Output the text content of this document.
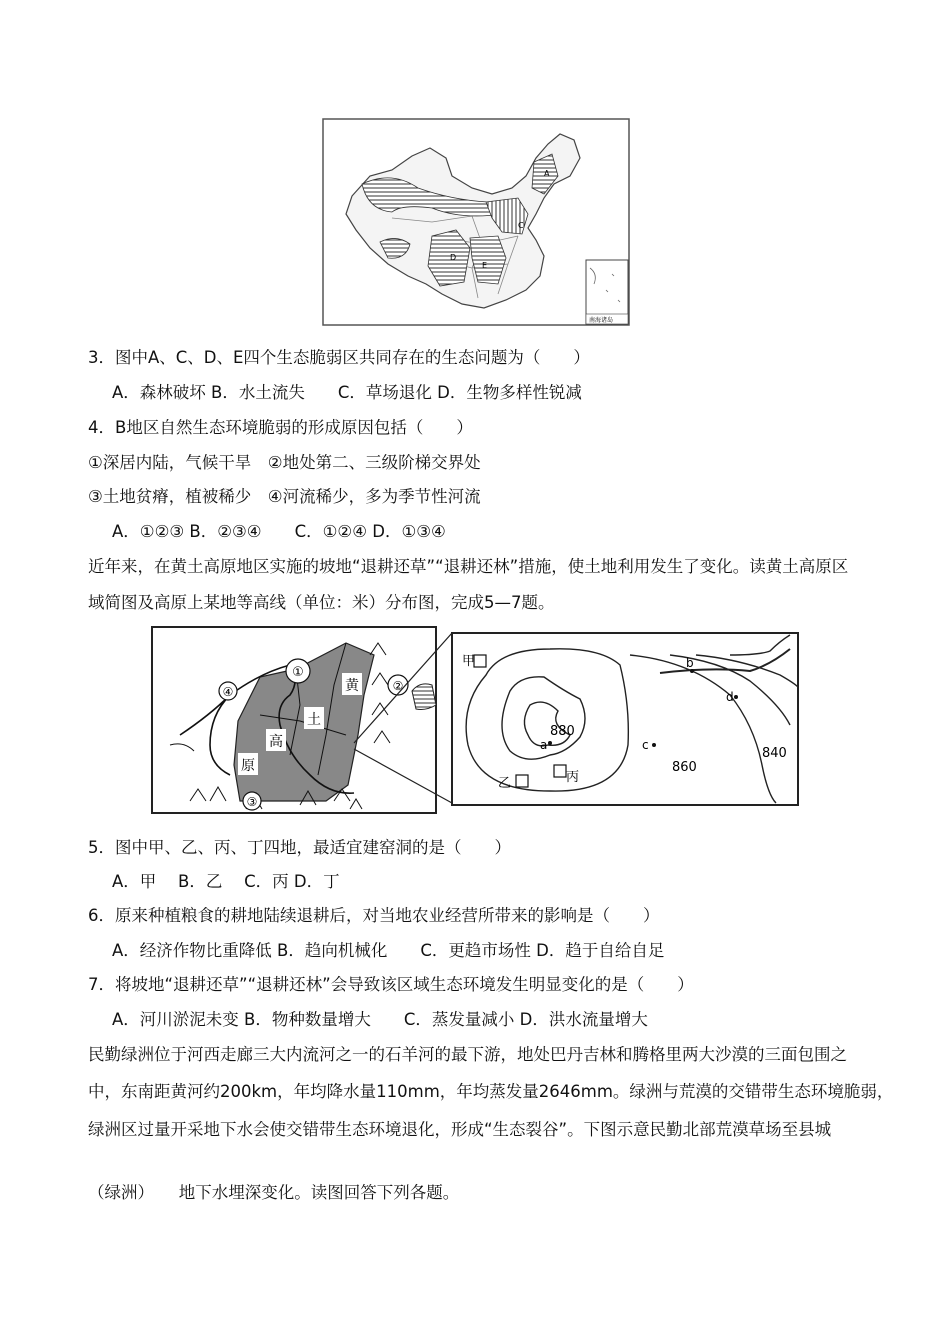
A
C
D
E
南海诸岛
3．图中A、C、D、E四个生态脆弱区共同存在的生态问题为（　　）
A．森林破坏 B．水土流失　　C．草场退化 D．生物多样性锐减
4．B地区自然生态环境脆弱的形成原因包括（　　）
①深居内陆，气候干旱　②地处第二、三级阶梯交界处
③土地贫瘠，植被稀少　④河流稀少，多为季节性河流
A．①②③ B．②③④　　C．①②④ D．①③④
近年来，在黄土高原地区实施的坡地“退耕还草”“退耕还林”措施，使土地利用发生了变化。读黄土高原区
域简图及高原上某地等高线（单位：米）分布图，完成5—7题。
①
②
③
④	黄
土
高
原
甲
乙	丙
a
b
c
d
880
860
840
5．图中甲、乙、丙、丁四地，最适宜建窑洞的是（　　）
A．甲　 B．乙　 C．丙 D．丁
6．原来种植粮食的耕地陆续退耕后，对当地农业经营所带来的影响是（　　）
A．经济作物比重降低 B．趋向机械化　　C．更趋市场性 D．趋于自给自足
7．将坡地“退耕还草”“退耕还林”会导致该区域生态环境发生明显变化的是（　　）
A．河川淤泥未变 B．物种数量增大　　C．蒸发量减小 D．洪水流量增大
民勤绿洲位于河西走廊三大内流河之一的石羊河的最下游，地处巴丹吉林和腾格里两大沙漠的三面包围之
中，东南距黄河约200km，年均降水量110mm，年均蒸发量2646mm。绿洲与荒漠的交错带生态环境脆弱，
绿洲区过量开采地下水会使交错带生态环境退化，形成“生态裂谷”。下图示意民勤北部荒漠草场至县城
（绿洲）　　地下水埋深变化。读图回答下列各题。
